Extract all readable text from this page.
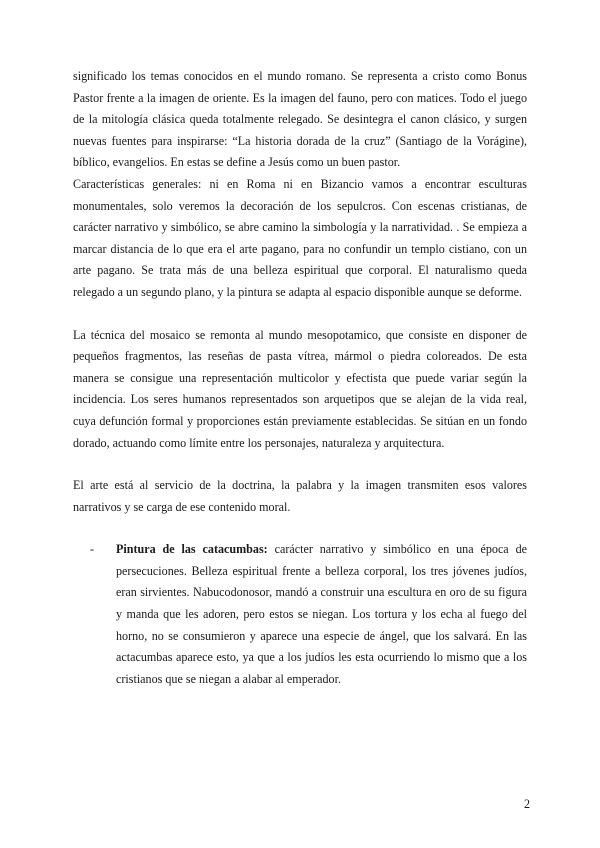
significado los temas conocidos en el mundo romano. Se representa a cristo como Bonus Pastor frente a la imagen de oriente. Es la imagen del fauno, pero con matices. Todo el juego de la mitología clásica queda totalmente relegado. Se desintegra el canon clásico, y surgen nuevas fuentes para inspirarse: “La historia dorada de la cruz” (Santiago de la Vorágine), bíblico, evangelios. En estas se define a Jesús como un buen pastor.

Características generales: ni en Roma ni en Bizancio vamos a encontrar esculturas monumentales, solo veremos la decoración de los sepulcros. Con escenas cristianas, de carácter narrativo y simbólico, se abre camino la simbología y la narratividad. . Se empieza a marcar distancia de lo que era el arte pagano, para no confundir un templo cistiano, con un arte pagano. Se trata más de una belleza espiritual que corporal. El naturalismo queda relegado a un segundo plano, y la pintura se adapta al espacio disponible aunque se deforme.

La técnica del mosaico se remonta al mundo mesopotamico, que consiste en disponer de pequeños fragmentos, las reseñas de pasta vítrea, mármol o piedra coloreados. De esta manera se consigue una representación multicolor y efectista que puede variar según la incidencia. Los seres humanos representados son arquetipos que se alejan de la vida real, cuya defunción formal y proporciones están previamente establecidas. Se sitúan en un fondo dorado, actuando como límite entre los personajes, naturaleza y arquitectura.

El arte está al servicio de la doctrina, la palabra y la imagen transmiten esos valores narrativos y se carga de ese contenido moral.

- Pintura de las catacumbas: carácter narrativo y simbólico en una época de persecuciones. Belleza espiritual frente a belleza corporal, los tres jóvenes judíos, eran sirvientes. Nabucodonosor, mandó a construir una escultura en oro de su figura y manda que les adoren, pero estos se niegan. Los tortura y los echa al fuego del horno, no se consumieron y aparece una especie de ángel, que los salvará. En las actacumbas aparece esto, ya que a los judíos les esta ocurriendo lo mismo que a los cristianos que se niegan a alabar al emperador.
2
